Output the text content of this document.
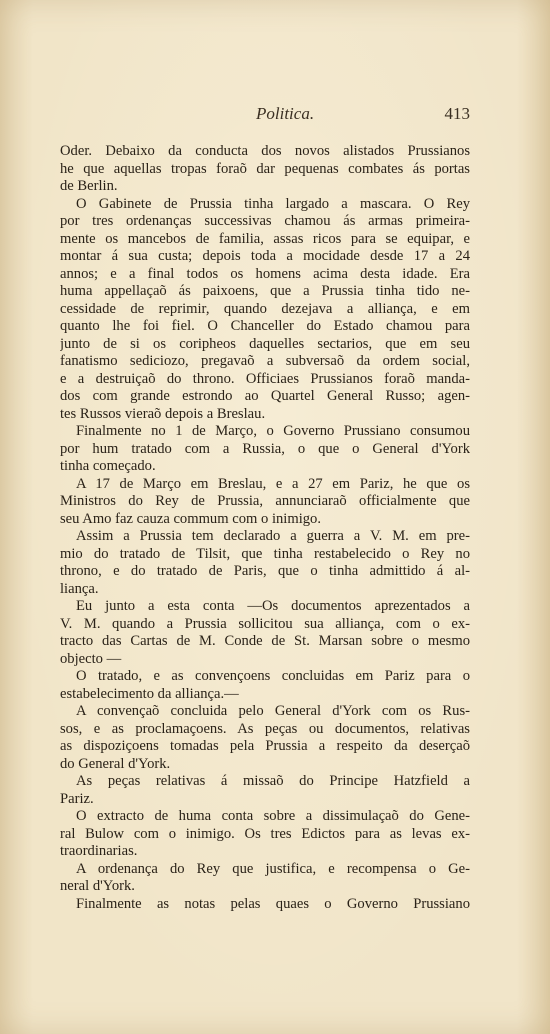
Politica.	413
Oder. Debaixo da conducta dos novos alistados Prussianos
he que aquellas tropas foraõ dar pequenas combates ás portas
de Berlin.
O Gabinete de Prussia tinha largado a mascara. O Rey
por tres ordenanças successivas chamou ás armas primeira-
mente os mancebos de familia, assas ricos para se equipar, e
montar á sua custa; depois toda a mocidade desde 17 a 24
annos; e a final todos os homens acima desta idade. Era
huma appellaçaõ ás paixoens, que a Prussia tinha tido ne-
cessidade de reprimir, quando dezejava a alliança, e em
quanto lhe foi fiel. O Chanceller do Estado chamou para
junto de si os coripheos daquelles sectarios, que em seu
fanatismo sediciozo, pregavaõ a subversaõ da ordem social,
e a destruiçaõ do throno. Officiaes Prussianos foraõ manda-
dos com grande estrondo ao Quartel General Russo; agen-
tes Russos vieraõ depois a Breslau.
Finalmente no 1 de Março, o Governo Prussiano consumou
por hum tratado com a Russia, o que o General d'York
tinha começado.
A 17 de Março em Breslau, e a 27 em Pariz, he que os
Ministros do Rey de Prussia, annunciaraõ officialmente que
seu Amo faz cauza commum com o inimigo.
Assim a Prussia tem declarado a guerra a V. M. em pre-
mio do tratado de Tilsit, que tinha restabelecido o Rey no
throno, e do tratado de Paris, que o tinha admittido á al-
liança.
Eu junto a esta conta —Os documentos aprezentados a
V. M. quando a Prussia sollicitou sua alliança, com o ex-
tracto das Cartas de M. Conde de St. Marsan sobre o mesmo
objecto —
O tratado, e as convençoens concluidas em Pariz para o
estabelecimento da alliança.—
A convençaõ concluida pelo General d'York com os Rus-
sos, e as proclamaçoens. As peças ou documentos, relativas
as dispoziçoens tomadas pela Prussia a respeito da deserçaõ
do General d'York.
As peças relativas á missaõ do Principe Hatzfield a
Pariz.
O extracto de huma conta sobre a dissimulaçaõ do Gene-
ral Bulow com o inimigo. Os tres Edictos para as levas ex-
traordinarias.
A ordenança do Rey que justifica, e recompensa o Ge-
neral d'York.
Finalmente as notas pelas quaes o Governo Prussiano
